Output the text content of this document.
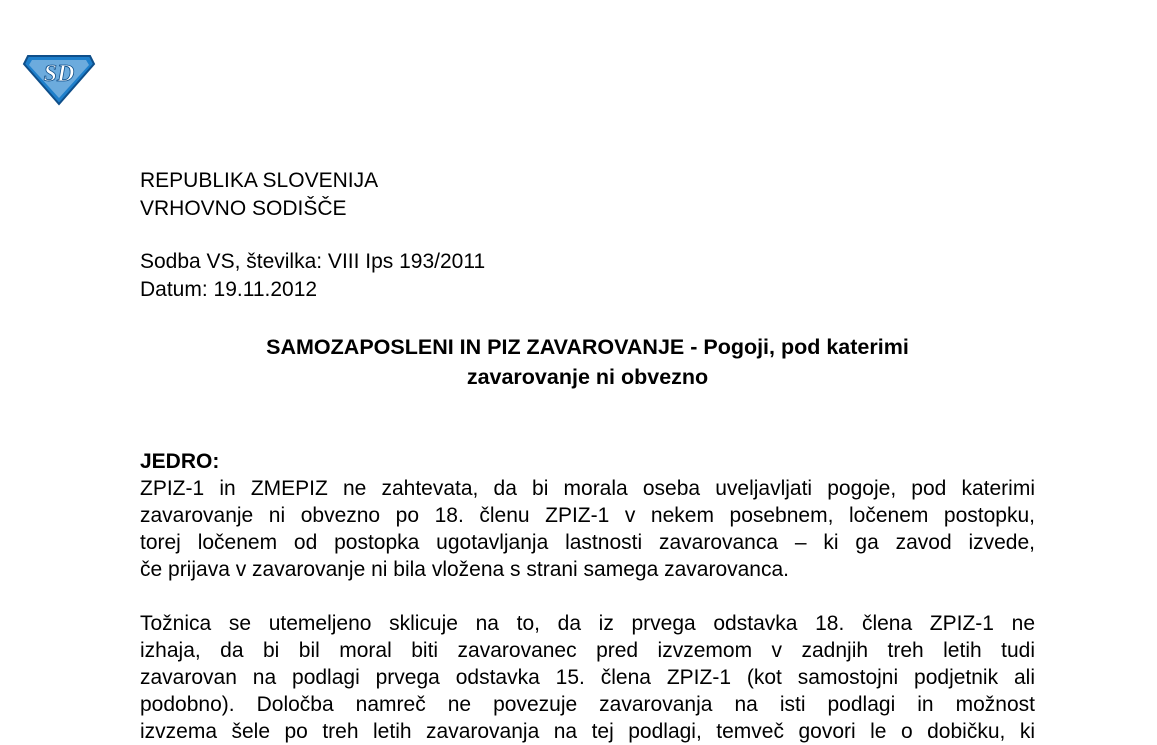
SD
REPUBLIKA SLOVENIJA
VRHOVNO SODIŠČE
Sodba VS, številka: VIII Ips 193/2011
Datum: 19.11.2012
SAMOZAPOSLENI IN PIZ ZAVAROVANJE - Pogoji, pod katerimi
zavarovanje ni obvezno
JEDRO:

ZPIZ-1 in ZMEPIZ ne zahtevata, da bi morala oseba uveljavljati pogoje, pod katerimi
zavarovanje ni obvezno po 18. členu ZPIZ-1 v nekem posebnem, ločenem postopku,
torej ločenem od postopka ugotavljanja lastnosti zavarovanca – ki ga zavod izvede,
če prijava v zavarovanje ni bila vložena s strani samega zavarovanca.

Tožnica se utemeljeno sklicuje na to, da iz prvega odstavka 18. člena ZPIZ-1 ne
izhaja, da bi bil moral biti zavarovanec pred izvzemom v zadnjih treh letih tudi
zavarovan na podlagi prvega odstavka 15. člena ZPIZ-1 (kot samostojni podjetnik ali
podobno). Določba namreč ne povezuje zavarovanja na isti podlagi in možnost
izvzema šele po treh letih zavarovanja na tej podlagi, temveč govori le o dobičku, ki
